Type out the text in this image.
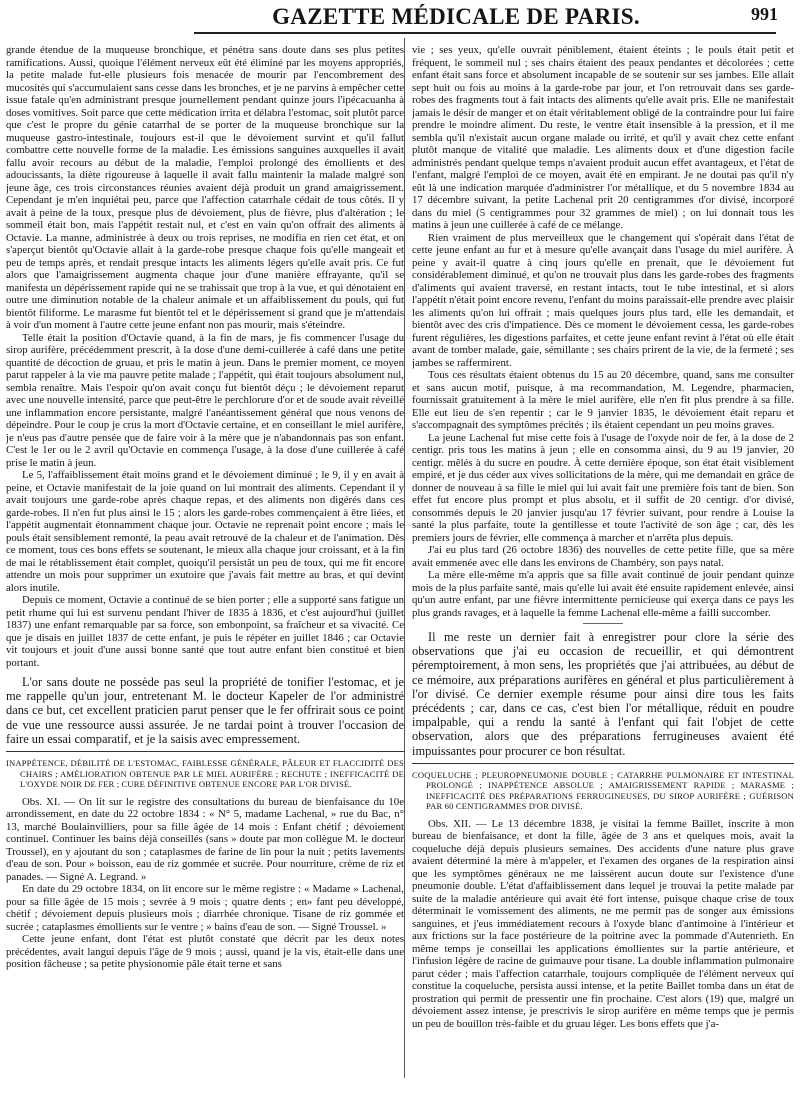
GAZETTE MÉDICALE DE PARIS.	991

grande étendue de la muqueuse bronchique, et pénétra sans doute dans ses plus petites ramifications. Aussi, quoique l'élément nerveux eût été éliminé par les moyens appropriés, la petite malade fut-elle plusieurs fois menacée de mourir par l'encombrement des mucosités qui s'accumulaient sans cesse dans les bronches, et je ne parvins à empêcher cette issue fatale qu'en administrant presque journellement pendant quinze jours l'ipécacuanha à doses vomitives. Soit parce que cette médication irrita et délabra l'estomac, soit plutôt parce que c'est le propre du génie catarrhal de se porter de la muqueuse bronchique sur la muqueuse gastro-intestinale, toujours est-il que le dévoiement survint et qu'il fallut combattre cette nouvelle forme de la maladie. Les émissions sanguines auxquelles il avait fallu avoir recours au début de la maladie, l'emploi prolongé des émollients et des adoucissants, la diète rigoureuse à laquelle il avait fallu maintenir la malade malgré son jeune âge, ces trois circonstances réunies avaient déjà produit un grand amaigrissement. Cependant je m'en inquiétai peu, parce que l'affection catarrhale cédait de tous côtés. Il y avait à peine de la toux, presque plus de dévoiement, plus de fièvre, plus d'altération ; le sommeil était bon, mais l'appétit restait nul, et c'est en vain qu'on offrait des aliments à Octavie. La manne, administrée à deux ou trois reprises, ne modifia en rien cet état, et on s'aperçut bientôt qu'Octavie allait à la garde-robe presque chaque fois qu'elle mangeait et peu de temps après, et rendait presque intacts les aliments légers qu'elle avait pris. Ce fut alors que l'amaigrissement augmenta chaque jour d'une manière effrayante, qu'il se manifesta un dépérissement rapide qui ne se trahissait que trop à la vue, et qui dénotaient en outre une diminution notable de la chaleur animale et un affaiblissement du pouls, qui fut bientôt filiforme. Le marasme fut bientôt tel et le dépérissement si grand que je m'attendais à voir d'un moment à l'autre cette jeune enfant non pas mourir, mais s'éteindre.

Telle était la position d'Octavie quand, à la fin de mars, je fis commencer l'usage du sirop aurifère, précédemment prescrit, à la dose d'une demi-cuillerée à café dans une petite quantité de décoction de gruau, et pris le matin à jeun. Dans le premier moment, ce moyen parut rappeler à la vie ma pauvre petite malade ; l'appétit, qui était toujours absolument nul, sembla renaître. Mais l'espoir qu'on avait conçu fut bientôt déçu ; le dévoiement reparut avec une nouvelle intensité, parce que peut-être le perchlorure d'or et de soude avait réveillé une inflammation encore persistante, malgré l'anéantissement général que nous venons de dépeindre. Pour le coup je crus la mort d'Octavie certaine, et en conseillant le miel aurifère, je n'eus pas d'autre pensée que de faire voir à la mère que je n'abandonnais pas son enfant. C'est le 1er ou le 2 avril qu'Octavie en commença l'usage, à la dose d'une cuillerée à café prise le matin à jeun.

Le 5, l'affaiblissement était moins grand et le dévoiement diminué ; le 9, il y en avait à peine, et Octavie manifestait de la joie quand on lui montrait des aliments. Cependant il y avait toujours une garde-robe après chaque repas, et des aliments non digérés dans ces garde-robes. Il n'en fut plus ainsi le 15 ; alors les garde-robes commençaient à être liées, et l'appétit augmentait étonnamment chaque jour. Octavie ne reprenait point encore ; mais le pouls était sensiblement remonté, la peau avait retrouvé de la chaleur et de l'animation. Dès ce moment, tous ces bons effets se soutenant, le mieux alla chaque jour croissant, et à la fin de mai le rétablissement était complet, quoiqu'il persistât un peu de toux, qui me fit encore attendre un mois pour supprimer un exutoire que j'avais fait mettre au bras, et qui devint alors inutile.

Depuis ce moment, Octavie a continué de se bien porter ; elle a supporté sans fatigue un petit rhume qui lui est survenu pendant l'hiver de 1835 à 1836, et c'est aujourd'hui (juillet 1837) une enfant remarquable par sa force, son embonpoint, sa fraîcheur et sa vivacité. Ce que je disais en juillet 1837 de cette enfant, je puis le répéter en juillet 1846 ; car Octavie vit toujours et jouit d'une aussi bonne santé que tout autre enfant bien constitué et bien portant.

L'or sans doute ne possède pas seul la propriété de tonifier l'estomac, et je me rappelle qu'un jour, entretenant M. le docteur Kapeler de l'or administré dans ce but, cet excellent praticien parut penser que le fer offrirait sous ce point de vue une ressource aussi assurée. Je ne tardai point à trouver l'occasion de faire un essai comparatif, et je la saisis avec empressement.

INAPPÉTENCE, DÉBILITÉ DE L'ESTOMAC, FAIBLESSE GÉNÉRALE, PÂLEUR ET FLACCIDITÉ DES CHAIRS ; AMÉLIORATION OBTENUE PAR LE MIEL AURIFÈRE ; RECHUTE ; INEFFICACITÉ DE L'OXYDE NOIR DE FER ; CURE DÉFINITIVE OBTENUE ENCORE PAR L'OR DIVISÉ.

Obs. XI. — On lit sur le registre des consultations du bureau de bienfaisance du 10e arrondissement, en date du 22 octobre 1834 : « N° 5, madame Lachenal, » rue du Bac, n° 13, marché Boulainvilliers, pour sa fille âgée de 14 mois : Enfant chétif ; dévoiement continuel. Continuer les bains déjà conseillés (sans » doute par mon collègue M. le docteur Troussel), en y ajoutant du son ; cataplasmes de farine de lin pour la nuit ; petits lavements d'eau de son. Pour » boisson, eau de riz gommée et sucrée. Pour nourriture, crème de riz et panades. — Signé A. Legrand. »

En date du 29 octobre 1834, on lit encore sur le même registre : « Madame » Lachenal, pour sa fille âgée de 15 mois ; sevrée à 9 mois ; quatre dents ; en» fant peu développé, chétif ; dévoiement depuis plusieurs mois ; diarrhée chronique. Tisane de riz gommée et sucrée ; cataplasmes émollients sur le ventre ; » bains d'eau de son. — Signé Troussel. »

Cette jeune enfant, dont l'état est plutôt constaté que décrit par les deux notes précédentes, avait langui depuis l'âge de 9 mois ; aussi, quand je la vis, était-elle dans une position fâcheuse ; sa petite physionomie pâle était terne et sans

vie ; ses yeux, qu'elle ouvrait péniblement, étaient éteints ; le pouls était petit et fréquent, le sommeil nul ; ses chairs étaient des peaux pendantes et décolorées ; cette enfant était sans force et absolument incapable de se soutenir sur ses jambes. Elle allait sept huit ou fois au moins à la garde-robe par jour, et l'on retrouvait dans ses garde-robes des fragments tout à fait intacts des aliments qu'elle avait pris. Elle ne manifestait jamais le désir de manger et on était véritablement obligé de la contraindre pour lui faire prendre le moindre aliment. Du reste, le ventre était insensible à la pression, et il me sembla qu'il n'existait aucun organe malade ou irrité, et qu'il y avait chez cette enfant plutôt manque de vitalité que maladie. Les aliments doux et d'une digestion facile administrés pendant quelque temps n'avaient produit aucun effet avantageux, et l'état de l'enfant, malgré l'emploi de ce moyen, avait été en empirant. Je ne doutai pas qu'il n'y eût là une indication marquée d'administrer l'or métallique, et du 5 novembre 1834 au 17 décembre suivant, la petite Lachenal prit 20 centigrammes d'or divisé, incorporé dans du miel (5 centigrammes pour 32 grammes de miel) ; on lui donnait tous les matins à jeun une cuillerée à café de ce mélange.

Rien vraiment de plus merveilleux que le changement qui s'opérait dans l'état de cette jeune enfant au fur et à mesure qu'elle avançait dans l'usage du miel aurifère. À peine y avait-il quatre à cinq jours qu'elle en prenait, que le dévoiement fut considérablement diminué, et qu'on ne trouvait plus dans les garde-robes des fragments d'aliments qui avaient traversé, en restant intacts, tout le tube intestinal, et si alors l'appétit n'était point encore revenu, l'enfant du moins paraissait-elle prendre avec plaisir les aliments qu'on lui offrait ; mais quelques jours plus tard, elle les demandait, et bientôt avec des cris d'impatience. Dès ce moment le dévoiement cessa, les garde-robes furent régulières, les digestions parfaites, et cette jeune enfant revint à l'état où elle était avant de tomber malade, gaie, sémillante ; ses chairs prirent de la vie, de la fermeté ; ses jambes se raffermirent.

Tous ces résultats étaient obtenus du 15 au 20 décembre, quand, sans me consulter et sans aucun motif, puisque, à ma recommandation, M. Legendre, pharmacien, fournissait gratuitement à la mère le miel aurifère, elle n'en fit plus prendre à sa fille. Elle eut lieu de s'en repentir ; car le 9 janvier 1835, le dévoiement était reparu et s'accompagnait des symptômes précités ; ils étaient cependant un peu moins graves.

La jeune Lachenal fut mise cette fois à l'usage de l'oxyde noir de fer, à la dose de 2 centigr. pris tous les matins à jeun ; elle en consomma ainsi, du 9 au 19 janvier, 20 centigr. mêlés à du sucre en poudre. À cette dernière époque, son état était visiblement empiré, et je dus céder aux vives sollicitations de la mère, qui me demandait en grâce de donner de nouveau à sa fille le miel qui lui avait fait une première fois tant de bien. Son effet fut encore plus prompt et plus absolu, et il suffit de 20 centigr. d'or divisé, consommés depuis le 20 janvier jusqu'au 17 février suivant, pour rendre à Louise la santé la plus parfaite, toute la gentillesse et toute l'activité de son âge ; car, dès les premiers jours de février, elle commença à marcher et n'arrêta plus depuis.

J'ai eu plus tard (26 octobre 1836) des nouvelles de cette petite fille, que sa mère avait emmenée avec elle dans les environs de Chambéry, son pays natal.

La mère elle-même m'a appris que sa fille avait continué de jouir pendant quinze mois de la plus parfaite santé, mais qu'elle lui avait été ensuite rapidement enlevée, ainsi qu'un autre enfant, par une fièvre intermittente pernicieuse qui exerça dans ce pays les plus grands ravages, et à laquelle la femme Lachenal elle-même a failli succomber.

Il me reste un dernier fait à enregistrer pour clore la série des observations que j'ai eu occasion de recueillir, et qui démontrent péremptoirement, à mon sens, les propriétés que j'ai attribuées, au début de ce mémoire, aux préparations aurifères en général et plus particulièrement à l'or divisé. Ce dernier exemple résume pour ainsi dire tous les faits précédents ; car, dans ce cas, c'est bien l'or métallique, réduit en poudre impalpable, qui a rendu la santé à l'enfant qui fait l'objet de cette observation, alors que des préparations ferrugineuses avaient été impuissantes pour procurer ce bon résultat.

COQUELUCHE ; PLEUROPNEUMONIE DOUBLE ; CATARRHE PULMONAIRE ET INTESTINAL PROLONGÉ ; INAPPÉTENCE ABSOLUE ; AMAIGRISSEMENT RAPIDE ; MARASME ; INEFFICACITÉ DES PRÉPARATIONS FERRUGINEUSES, DU SIROP AURIFÈRE ; GUÉRISON PAR 60 CENTIGRAMMES D'OR DIVISÉ.

Obs. XII. — Le 13 décembre 1838, je visitai la femme Baillet, inscrite à mon bureau de bienfaisance, et dont la fille, âgée de 3 ans et quelques mois, avait la coqueluche déjà depuis plusieurs semaines. Des accidents d'une nature plus grave avaient déterminé la mère à m'appeler, et l'examen des organes de la respiration ainsi que les symptômes généraux ne me laissèrent aucun doute sur l'existence d'une pneumonie double. L'état d'affaiblissement dans lequel je trouvai la petite malade par suite de la maladie antérieure qui avait été fort intense, puisque chaque crise de toux déterminait le vomissement des aliments, ne me permit pas de songer aux émissions sanguines, et j'eus immédiatement recours à l'oxyde blanc d'antimoine à l'intérieur et aux frictions sur la face postérieure de la poitrine avec la pommade d'Autenrieth. En même temps je conseillai les applications émollientes sur la partie antérieure, et l'infusion légère de racine de guimauve pour tisane. La double inflammation pulmonaire parut céder ; mais l'affection catarrhale, toujours compliquée de l'élément nerveux qui constitue la coqueluche, persista aussi intense, et la petite Baillet tomba dans un état de prostration qui permit de pressentir une fin prochaine. C'est alors (19) que, malgré un dévoiement assez intense, je prescrivis le sirop aurifère en même temps que je permis un peu de bouillon très-faible et du gruau léger. Les bons effets que j'a-
